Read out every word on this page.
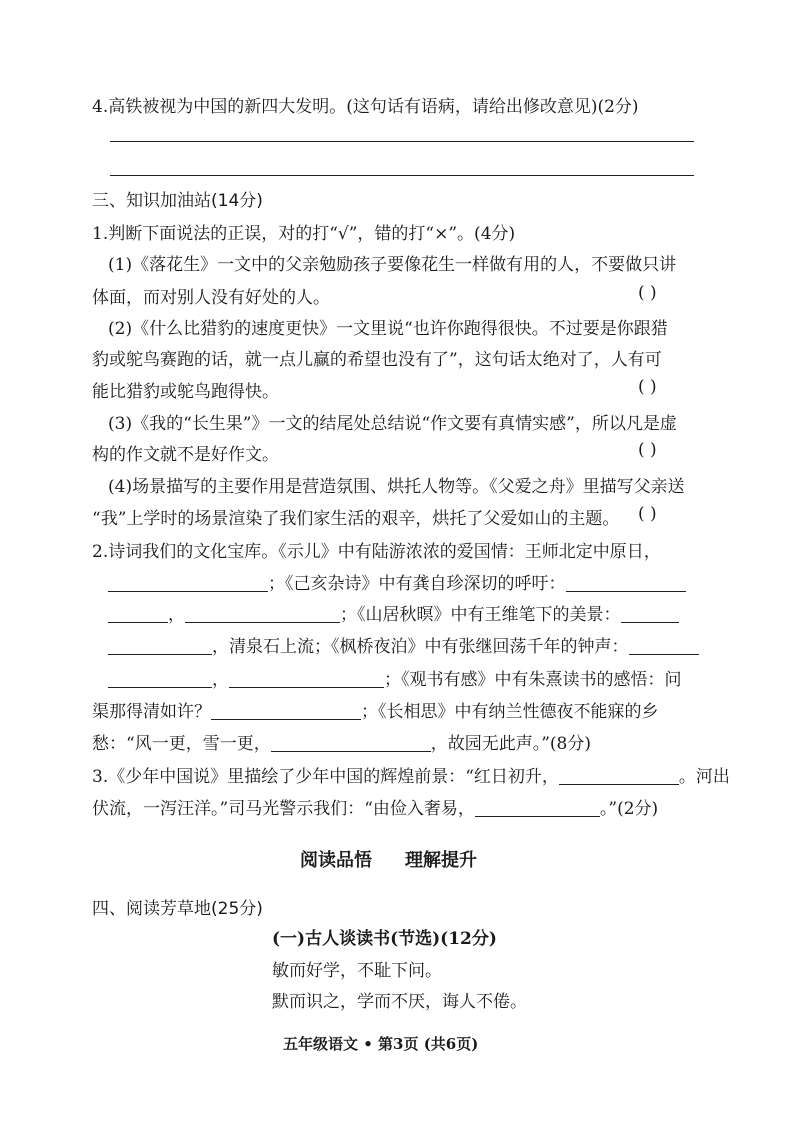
4.高铁被视为中国的新四大发明。(这句话有语病，请给出修改意见)(2分)
三、知识加油站(14分)
1.判断下面说法的正误，对的打“√”，错的打“×”。(4分)
(1)《落花生》一文中的父亲勉励孩子要像花生一样做有用的人，不要做只讲
体面，而对别人没有好处的人。	( )
(2)《什么比猎豹的速度更快》一文里说“也许你跑得很快。不过要是你跟猎
豹或鸵鸟赛跑的话，就一点儿赢的希望也没有了”，这句话太绝对了，人有可
能比猎豹或鸵鸟跑得快。	( )
(3)《我的“长生果”》一文的结尾处总结说“作文要有真情实感”，所以凡是虚
构的作文就不是好作文。	( )
(4)场景描写的主要作用是营造氛围、烘托人物等。《父爱之舟》里描写父亲送
“我”上学时的场景渲染了我们家生活的艰辛，烘托了父爱如山的主题。 ( )
2.诗词我们的文化宝库。《示儿》中有陆游浓浓的爱国情：王师北定中原日，
；《己亥杂诗》中有龚自珍深切的呼吁：
，	；《山居秋暝》中有王维笔下的美景：
，清泉石上流；《枫桥夜泊》中有张继回荡千年的钟声：
，	；《观书有感》中有朱熹读书的感悟：问
渠那得清如许？	；《长相思》中有纳兰性德夜不能寐的乡
愁：“风一更，雪一更，	，故园无此声。”(8分)
3.《少年中国说》里描绘了少年中国的辉煌前景：“红日初升，	。河出
伏流，一泻汪洋。”司马光警示我们：“由俭入奢易，	。”(2分)
阅读品悟 理解提升
四、阅读芳草地(25分)
(一)古人谈读书(节选)(12分)
敏而好学，不耻下问。
默而识之，学而不厌，诲人不倦。
五年级语文 • 第3页 (共6页)
